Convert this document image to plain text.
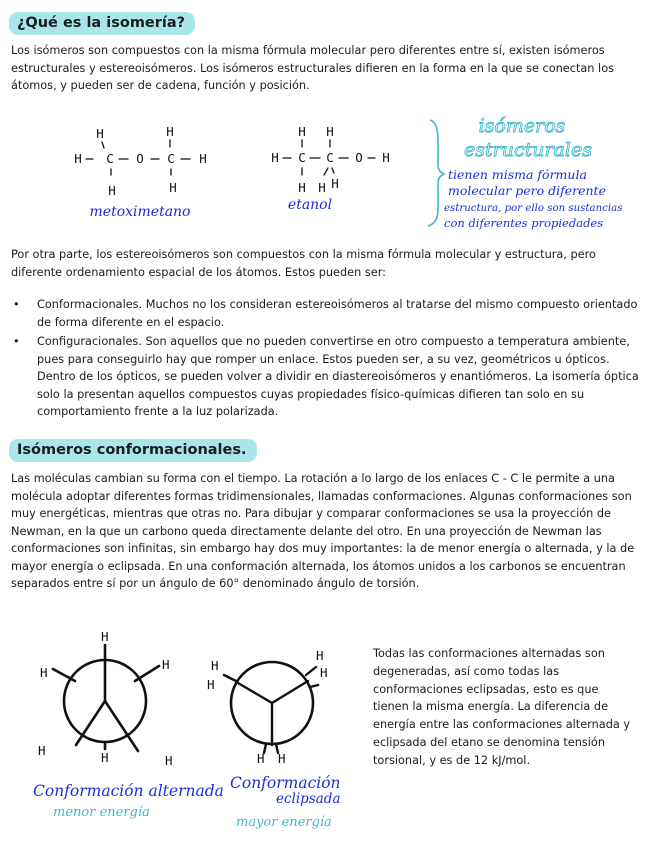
¿Qué es la isomería?

Los isómeros son compuestos con la misma fórmula molecular pero diferentes entre sí, existen isómeros estructurales y estereoisómeros. Los isómeros estructurales difieren en la forma en la que se conectan los átomos, y pueden ser de cadena, función y posición.

H	H
H C O C H
H	H
metoximetano
H H
H C C O H
H H H
etanol
isómeros
estructurales
tienen misma fórmula
molecular pero diferente
estructura, por ello son sustancias
con diferentes propiedades

Por otra parte, los estereoisómeros son compuestos con la misma fórmula molecular y estructura, pero diferente ordenamiento espacial de los átomos. Estos pueden ser:

• Conformacionales. Muchos no los consideran estereoisómeros al tratarse del mismo compuesto orientado de forma diferente en el espacio.
• Configuracionales. Son aquellos que no pueden convertirse en otro compuesto a temperatura ambiente, pues para conseguirlo hay que romper un enlace. Estos pueden ser, a su vez, geométricos u ópticos. Dentro de los ópticos, se pueden volver a dividir en diastereoisómeros y enantiómeros. La isomería óptica solo la presentan aquellos compuestos cuyas propiedades físico-químicas difieren tan solo en su comportamiento frente a la luz polarizada.
Isómeros conformacionales.

Las moléculas cambian su forma con el tiempo. La rotación a lo largo de los enlaces C - C le permite a una molécula adoptar diferentes formas tridimensionales, llamadas conformaciones. Algunas conformaciones son muy energéticas, mientras que otras no. Para dibujar y comparar conformaciones se usa la proyección de Newman, en la que un carbono queda directamente delante del otro. En una proyección de Newman las conformaciones son infinitas, sin embargo hay dos muy importantes: la de menor energía o alternada, y la de mayor energía o eclipsada. En una conformación alternada, los átomos unidos a los carbonos se encuentran separados entre sí por un ángulo de 60° denominado ángulo de torsión.

H
H
H
H	H	H
Conformación alternada
menor energía
H
H
H
H
H H
Conformación
eclipsada
mayor energía

Todas las conformaciones alternadas son degeneradas, así como todas las conformaciones eclipsadas, esto es que tienen la misma energía. La diferencia de energía entre las conformaciones alternada y eclipsada del etano se denomina tensión torsional, y es de 12 kJ/mol.
